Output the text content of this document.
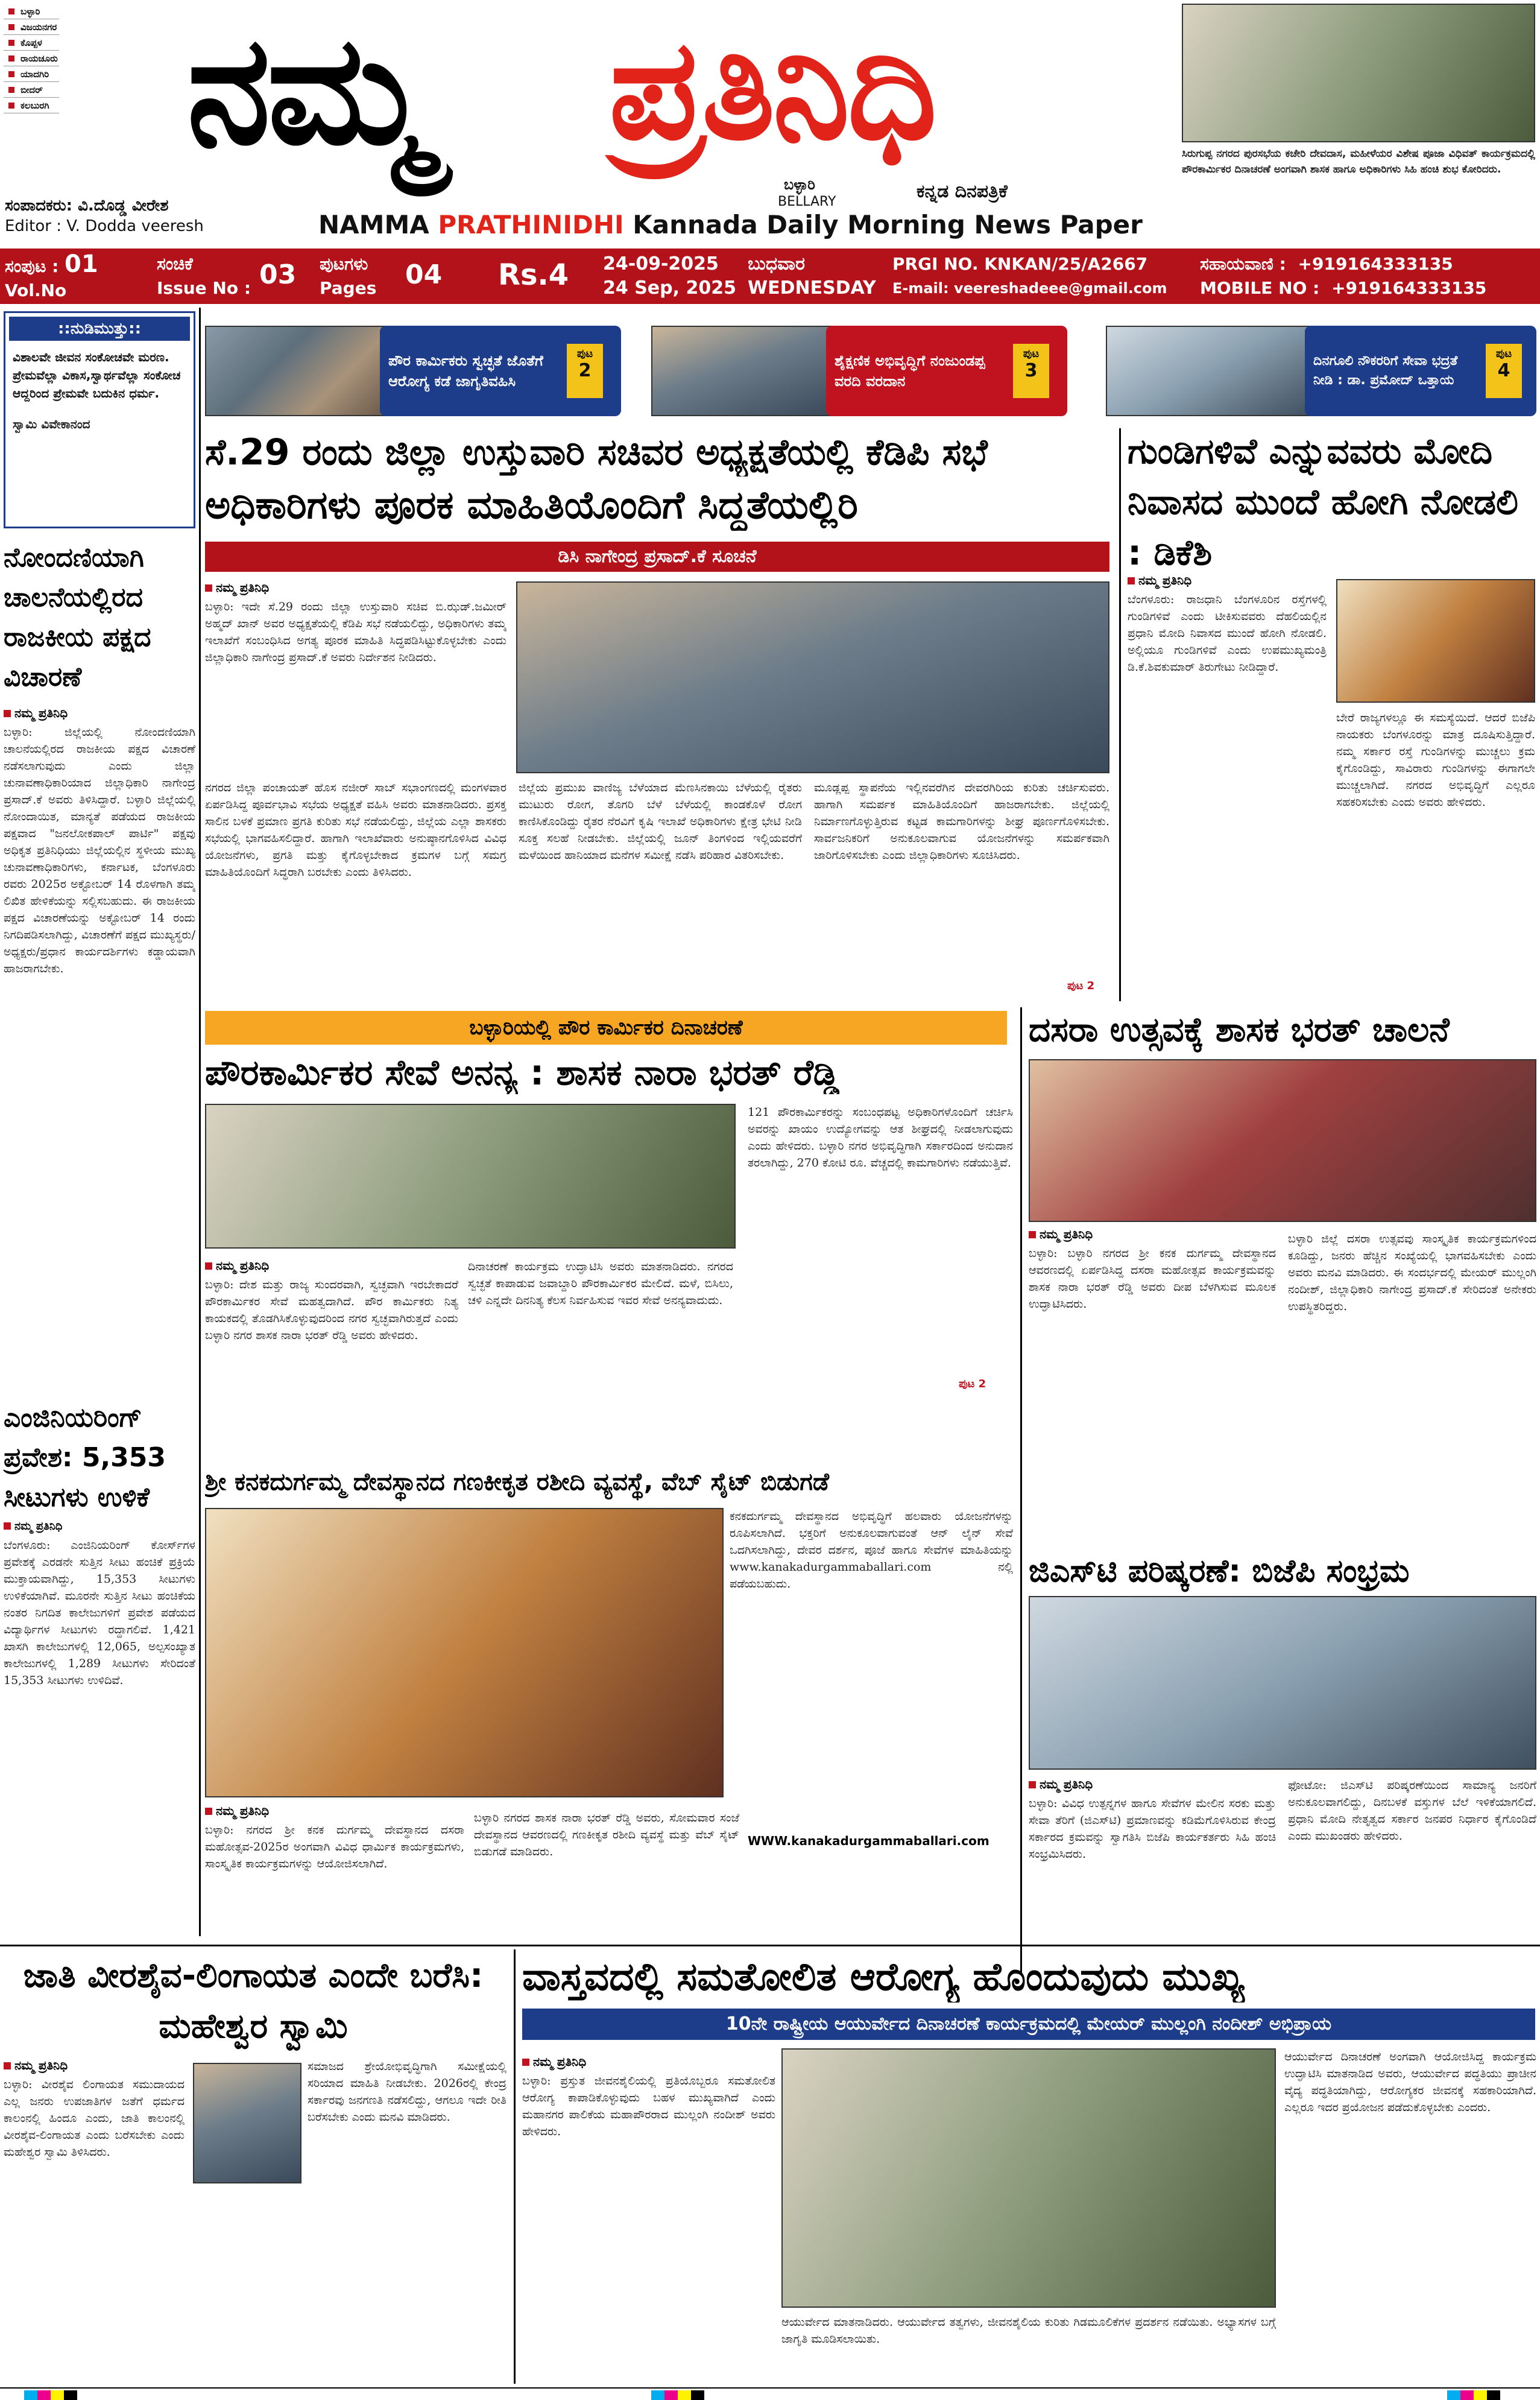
ಬಳ್ಳಾರಿ
ವಿಜಯನಗರ
ಕೊಪ್ಪಳ
ರಾಯಚೂರು
ಯಾದಗಿರಿ
ಬೀದರ್
ಕಲಬುರಗಿ ನಮ್ಮ ಪ್ರತಿನಿಧಿ
ಬಳ್ಳಾರಿ
BELLARY	ಕನ್ನಡ ದಿನಪತ್ರಿಕೆ
ಸಂಪಾದಕರು: ವಿ.ದೊಡ್ಡ ವೀರೇಶ
Editor : V. Dodda veeresh	NAMMA PRATHINIDHI Kannada Daily Morning News Paper
ಸಿರುಗುಪ್ಪ ನಗರದ ಪುರಸಭೆಯ ಕಚೇರಿ ದೇವದಾಸ, ಮಹೀಳೆಯರ ವಿಶೇಷ ಪೂಜಾ ವಿಧಿವತ್ ಕಾರ್ಯಕ್ರಮದಲ್ಲಿ ಪೌರಕಾರ್ಮಿಕರ ದಿನಾಚರಣೆ ಅಂಗವಾಗಿ ಶಾಸಕ ಹಾಗೂ ಅಧಿಕಾರಿಗಳು ಸಿಹಿ ಹಂಚಿ ಶುಭ ಕೋರಿದರು.
ಸಂಪುಟ : 01
Vol.No
ಸಂಚಿಕೆ
Issue No : 03 ಪುಟಗಳು
Pages 04 Rs.4 24-09-2025
24 Sep, 2025
ಬುಧವಾರ
WEDNESDAY
PRGI NO. KNKAN/25/A2667
E-mail: veereshadeee@gmail.com
ಸಹಾಯವಾಣಿ : +919164333135
MOBILE NO : +919164333135
::ನುಡಿಮುತ್ತು::
ವಿಶಾಲವೇ ಜೀವನ ಸಂಕೋಚವೇ ಮರಣ. ಪ್ರೇಮವೆಲ್ಲಾ ವಿಕಾಸ,ಸ್ವಾರ್ಥವೆಲ್ಲಾ ಸಂಕೋಚ ಆದ್ದರಿಂದ ಪ್ರೇಮವೇ ಬದುಕಿನ ಧರ್ಮ.
ಸ್ವಾಮಿ ವಿವೇಕಾನಂದ
ಪೌರ ಕಾರ್ಮಿಕರು ಸ್ವಚ್ಛತೆ ಜೊತೆಗೆ ಆರೋಗ್ಯ ಕಡೆ ಜಾಗೃತಿವಹಿಸಿ
ಪುಟ
2	ಶೈಕ್ಷಣಿಕ ಅಭಿವೃದ್ಧಿಗೆ ನಂಜುಂಡಪ್ಪ ವರದಿ ವರದಾನ
ಪುಟ
3	ದಿನಗೂಲಿ ನೌಕರರಿಗೆ ಸೇವಾ ಭದ್ರತೆ ನೀಡಿ : ಡಾ. ಪ್ರಮೋದ್ ಒತ್ತಾಯ
ಪುಟ
4
ಸೆ.29 ರಂದು ಜಿಲ್ಲಾ ಉಸ್ತುವಾರಿ ಸಚಿವರ ಅಧ್ಯಕ್ಷತೆಯಲ್ಲಿ ಕೆಡಿಪಿ ಸಭೆ
ಅಧಿಕಾರಿಗಳು ಪೂರಕ ಮಾಹಿತಿಯೊಂದಿಗೆ ಸಿದ್ಧತೆಯಲ್ಲಿರಿ
ಡಿಸಿ ನಾಗೇಂದ್ರ ಪ್ರಸಾದ್.ಕೆ ಸೂಚನೆ
ನಮ್ಮ ಪ್ರತಿನಿಧಿ
ಬಳ್ಳಾರಿ: ಇದೇ ಸೆ.29 ರಂದು ಜಿಲ್ಲಾ ಉಸ್ತುವಾರಿ ಸಚಿವ ಬಿ.ಝಡ್.ಜಮೀರ್ ಅಹ್ಮದ್ ಖಾನ್ ಅವರ ಅಧ್ಯಕ್ಷತೆಯಲ್ಲಿ ಕೆಡಿಪಿ ಸಭೆ ನಡೆಯಲಿದ್ದು, ಅಧಿಕಾರಿಗಳು ತಮ್ಮ ಇಲಾಖೆಗೆ ಸಂಬಂಧಿಸಿದ ಅಗತ್ಯ ಪೂರಕ ಮಾಹಿತಿ ಸಿದ್ಧಪಡಿಸಿಟ್ಟುಕೊಳ್ಳಬೇಕು ಎಂದು ಜಿಲ್ಲಾಧಿಕಾರಿ ನಾಗೇಂದ್ರ ಪ್ರಸಾದ್.ಕೆ ಅವರು ನಿರ್ದೇಶನ ನೀಡಿದರು.
ನಗರದ ಜಿಲ್ಲಾ ಪಂಚಾಯತ್ ಹೊಸ ನಜೀರ್ ಸಾಬ್ ಸಭಾಂಗಣದಲ್ಲಿ ಮಂಗಳವಾರ ಏರ್ಪಡಿಸಿದ್ದ ಪೂರ್ವಭಾವಿ ಸಭೆಯ ಅಧ್ಯಕ್ಷತೆ ವಹಿಸಿ ಅವರು ಮಾತನಾಡಿದರು. ಪ್ರಸಕ್ತ ಸಾಲಿನ ಬಳಕೆ ಪ್ರಮಾಣ ಪ್ರಗತಿ ಕುರಿತು ಸಭೆ ನಡೆಯಲಿದ್ದು, ಜಿಲ್ಲೆಯ ಎಲ್ಲಾ ಶಾಸಕರು ಸಭೆಯಲ್ಲಿ ಭಾಗವಹಿಸಲಿದ್ದಾರೆ. ಹಾಗಾಗಿ ಇಲಾಖೆವಾರು ಅನುಷ್ಠಾನಗೊಳಿಸಿದ ವಿವಿಧ ಯೋಜನೆಗಳು, ಪ್ರಗತಿ ಮತ್ತು ಕೈಗೊಳ್ಳಬೇಕಾದ ಕ್ರಮಗಳ ಬಗ್ಗೆ ಸಮಗ್ರ ಮಾಹಿತಿಯೊಂದಿಗೆ ಸಿದ್ಧರಾಗಿ ಬರಬೇಕು ಎಂದು ತಿಳಿಸಿದರು.
ಜಿಲ್ಲೆಯ ಪ್ರಮುಖ ವಾಣಿಜ್ಯ ಬೆಳೆಯಾದ ಮೆಣಸಿನಕಾಯಿ ಬೆಳೆಯಲ್ಲಿ ರೈತರು ಮುಟುರು ರೋಗ, ತೊಗರಿ ಬೆಳೆ ಬೆಳೆಯಲ್ಲಿ ಕಾಂಡಕೊಳೆ ರೋಗ ಕಾಣಿಸಿಕೊಂಡಿದ್ದು ರೈತರ ನೆರವಿಗೆ ಕೃಷಿ ಇಲಾಖೆ ಅಧಿಕಾರಿಗಳು ಕ್ಷೇತ್ರ ಭೇಟಿ ನೀಡಿ ಸೂಕ್ತ ಸಲಹೆ ನೀಡಬೇಕು. ಜಿಲ್ಲೆಯಲ್ಲಿ ಜೂನ್ ತಿಂಗಳಿಂದ ಇಲ್ಲಿಯವರೆಗೆ ಮಳೆಯಿಂದ ಹಾನಿಯಾದ ಮನೆಗಳ ಸಮೀಕ್ಷೆ ನಡೆಸಿ ಪರಿಹಾರ ವಿತರಿಸಬೇಕು.
ಮೂಡ್ಲಪ್ಪ ಸ್ಥಾಪನೆಯ ಇಲ್ಲಿನವರೆಗಿನ ದೇವರಗಿರಿಯ ಕುರಿತು ಚರ್ಚಿಸುವರು. ಹಾಗಾಗಿ ಸಮರ್ಪಕ ಮಾಹಿತಿಯೊಂದಿಗೆ ಹಾಜರಾಗಬೇಕು. ಜಿಲ್ಲೆಯಲ್ಲಿ ನಿರ್ಮಾಣಗೊಳ್ಳುತ್ತಿರುವ ಕಟ್ಟಡ ಕಾಮಗಾರಿಗಳನ್ನು ಶೀಘ್ರ ಪೂರ್ಣಗೊಳಿಸಬೇಕು. ಸಾರ್ವಜನಿಕರಿಗೆ ಅನುಕೂಲವಾಗುವ ಯೋಜನೆಗಳನ್ನು ಸಮರ್ಪಕವಾಗಿ ಜಾರಿಗೊಳಿಸಬೇಕು ಎಂದು ಜಿಲ್ಲಾಧಿಕಾರಿಗಳು ಸೂಚಿಸಿದರು.
ಪುಟ 2
ಗುಂಡಿಗಳಿವೆ ಎನ್ನುವವರು ಮೋದಿ ನಿವಾಸದ ಮುಂದೆ ಹೋಗಿ ನೋಡಲಿ : ಡಿಕೆಶಿ
ನಮ್ಮ ಪ್ರತಿನಿಧಿ
ಬೆಂಗಳೂರು: ರಾಜಧಾನಿ ಬೆಂಗಳೂರಿನ ರಸ್ತೆಗಳಲ್ಲಿ ಗುಂಡಿಗಳಿವೆ ಎಂದು ಟೀಕಿಸುವವರು ದೆಹಲಿಯಲ್ಲಿನ ಪ್ರಧಾನಿ ಮೋದಿ ನಿವಾಸದ ಮುಂದೆ ಹೋಗಿ ನೋಡಲಿ. ಅಲ್ಲಿಯೂ ಗುಂಡಿಗಳಿವೆ ಎಂದು ಉಪಮುಖ್ಯಮಂತ್ರಿ ಡಿ.ಕೆ.ಶಿವಕುಮಾರ್ ತಿರುಗೇಟು ನೀಡಿದ್ದಾರೆ.
ಬೇರೆ ರಾಜ್ಯಗಳಲ್ಲೂ ಈ ಸಮಸ್ಯೆಯಿದೆ. ಆದರೆ ಬಿಜೆಪಿ ನಾಯಕರು ಬೆಂಗಳೂರನ್ನು ಮಾತ್ರ ದೂಷಿಸುತ್ತಿದ್ದಾರೆ. ನಮ್ಮ ಸರ್ಕಾರ ರಸ್ತೆ ಗುಂಡಿಗಳನ್ನು ಮುಚ್ಚಲು ಕ್ರಮ ಕೈಗೊಂಡಿದ್ದು, ಸಾವಿರಾರು ಗುಂಡಿಗಳನ್ನು ಈಗಾಗಲೇ ಮುಚ್ಚಲಾಗಿದೆ. ನಗರದ ಅಭಿವೃದ್ಧಿಗೆ ಎಲ್ಲರೂ ಸಹಕರಿಸಬೇಕು ಎಂದು ಅವರು ಹೇಳಿದರು.
ನೋಂದಣಿಯಾಗಿ ಚಾಲನೆಯಲ್ಲಿರದ ರಾಜಕೀಯ ಪಕ್ಷದ ವಿಚಾರಣೆ
ನಮ್ಮ ಪ್ರತಿನಿಧಿ
ಬಳ್ಳಾರಿ: ಜಿಲ್ಲೆಯಲ್ಲಿ ನೋಂದಣಿಯಾಗಿ ಚಾಲನೆಯಲ್ಲಿರದ ರಾಜಕೀಯ ಪಕ್ಷದ ವಿಚಾರಣೆ ನಡೆಸಲಾಗುವುದು ಎಂದು ಜಿಲ್ಲಾ ಚುನಾವಣಾಧಿಕಾರಿಯಾದ ಜಿಲ್ಲಾಧಿಕಾರಿ ನಾಗೇಂದ್ರ ಪ್ರಸಾದ್.ಕೆ ಅವರು ತಿಳಿಸಿದ್ದಾರೆ. ಬಳ್ಳಾರಿ ಜಿಲ್ಲೆಯಲ್ಲಿ ನೋಂದಾಯಿತ, ಮಾನ್ಯತೆ ಪಡೆಯದ ರಾಜಕೀಯ ಪಕ್ಷವಾದ "ಜನಲೋಕಪಾಲ್ ಪಾರ್ಟಿ" ಪಕ್ಷವು ಅಧಿಕೃತ ಪ್ರತಿನಿಧಿಯು ಜಿಲ್ಲೆಯಲ್ಲಿನ ಸ್ಥಳೀಯ ಮುಖ್ಯ ಚುನಾವಣಾಧಿಕಾರಿಗಳು, ಕರ್ನಾಟಕ, ಬೆಂಗಳೂರು ರವರು 2025ರ ಅಕ್ಟೋಬರ್ 14 ರೊಳಗಾಗಿ ತಮ್ಮ ಲಿಖಿತ ಹೇಳಿಕೆಯನ್ನು ಸಲ್ಲಿಸಬಹುದು. ಈ ರಾಜಕೀಯ ಪಕ್ಷದ ವಿಚಾರಣೆಯನ್ನು ಅಕ್ಟೋಬರ್ 14 ರಂದು ನಿಗದಿಪಡಿಸಲಾಗಿದ್ದು, ವಿಚಾರಣೆಗೆ ಪಕ್ಷದ ಮುಖ್ಯಸ್ಥರು/ಅಧ್ಯಕ್ಷರು/ಪ್ರಧಾನ ಕಾರ್ಯದರ್ಶಿಗಳು ಕಡ್ಡಾಯವಾಗಿ ಹಾಜರಾಗಬೇಕು.
ಎಂಜಿನಿಯರಿಂಗ್ ಪ್ರವೇಶ: 5,353 ಸೀಟುಗಳು ಉಳಿಕೆ
ನಮ್ಮ ಪ್ರತಿನಿಧಿ
ಬೆಂಗಳೂರು: ಎಂಜಿನಿಯರಿಂಗ್ ಕೋರ್ಸ್‌ಗಳ ಪ್ರವೇಶಕ್ಕೆ ಎರಡನೇ ಸುತ್ತಿನ ಸೀಟು ಹಂಚಿಕೆ ಪ್ರಕ್ರಿಯೆ ಮುಕ್ತಾಯವಾಗಿದ್ದು, 15,353 ಸೀಟುಗಳು ಉಳಿಕೆಯಾಗಿವೆ. ಮೂರನೇ ಸುತ್ತಿನ ಸೀಟು ಹಂಚಿಕೆಯ ನಂತರ ನಿಗದಿತ ಕಾಲೇಜುಗಳಿಗೆ ಪ್ರವೇಶ ಪಡೆಯದ ವಿದ್ಯಾರ್ಥಿಗಳ ಸೀಟುಗಳು ರದ್ದಾಗಲಿವೆ. 1,421 ಖಾಸಗಿ ಕಾಲೇಜುಗಳಲ್ಲಿ 12,065, ಅಲ್ಪಸಂಖ್ಯಾತ ಕಾಲೇಜುಗಳಲ್ಲಿ 1,289 ಸೀಟುಗಳು ಸೇರಿದಂತೆ 15,353 ಸೀಟುಗಳು ಉಳಿದಿವೆ.
ಬಳ್ಳಾರಿಯಲ್ಲಿ ಪೌರ ಕಾರ್ಮಿಕರ ದಿನಾಚರಣೆ
ಪೌರಕಾರ್ಮಿಕರ ಸೇವೆ ಅನನ್ಯ : ಶಾಸಕ ನಾರಾ ಭರತ್ ರೆಡ್ಡಿ
121 ಪೌರಕಾರ್ಮಿಕರನ್ನು ಸಂಬಂಧಪಟ್ಟ ಅಧಿಕಾರಿಗಳೊಂದಿಗೆ ಚರ್ಚಿಸಿ ಅವರನ್ನು ಖಾಯಂ ಉದ್ಯೋಗವನ್ನು ಆತ ಶೀಘ್ರದಲ್ಲಿ ನೀಡಲಾಗುವುದು ಎಂದು ಹೇಳಿದರು. ಬಳ್ಳಾರಿ ನಗರ ಅಭಿವೃದ್ಧಿಗಾಗಿ ಸರ್ಕಾರದಿಂದ ಅನುದಾನ ತರಲಾಗಿದ್ದು, 270 ಕೋಟಿ ರೂ. ವೆಚ್ಚದಲ್ಲಿ ಕಾಮಗಾರಿಗಳು ನಡೆಯುತ್ತಿವೆ.
ನಮ್ಮ ಪ್ರತಿನಿಧಿ
ಬಳ್ಳಾರಿ: ದೇಶ ಮತ್ತು ರಾಜ್ಯ ಸುಂದರವಾಗಿ, ಸ್ವಚ್ಛವಾಗಿ ಇರಬೇಕಾದರೆ ಪೌರಕಾರ್ಮಿಕರ ಸೇವೆ ಮಹತ್ವದಾಗಿದೆ. ಪೌರ ಕಾರ್ಮಿಕರು ನಿತ್ಯ ಕಾಯಕದಲ್ಲಿ ತೊಡಗಿಸಿಕೊಳ್ಳುವುದರಿಂದ ನಗರ ಸ್ವಚ್ಛವಾಗಿರುತ್ತದೆ ಎಂದು ಬಳ್ಳಾರಿ ನಗರ ಶಾಸಕ ನಾರಾ ಭರತ್ ರೆಡ್ಡಿ ಅವರು ಹೇಳಿದರು.
ದಿನಾಚರಣೆ ಕಾರ್ಯಕ್ರಮ ಉದ್ಘಾಟಿಸಿ ಅವರು ಮಾತನಾಡಿದರು. ನಗರದ ಸ್ವಚ್ಛತೆ ಕಾಪಾಡುವ ಜವಾಬ್ದಾರಿ ಪೌರಕಾರ್ಮಿಕರ ಮೇಲಿದೆ. ಮಳೆ, ಬಿಸಿಲು, ಚಳಿ ಎನ್ನದೇ ದಿನನಿತ್ಯ ಕೆಲಸ ನಿರ್ವಹಿಸುವ ಇವರ ಸೇವೆ ಅನನ್ಯವಾದುದು.
ಪುಟ 2
ದಸರಾ ಉತ್ಸವಕ್ಕೆ ಶಾಸಕ ಭರತ್ ಚಾಲನೆ
ನಮ್ಮ ಪ್ರತಿನಿಧಿ
ಬಳ್ಳಾರಿ: ಬಳ್ಳಾರಿ ನಗರದ ಶ್ರೀ ಕನಕ ದುರ್ಗಮ್ಮ ದೇವಸ್ಥಾನದ ಆವರಣದಲ್ಲಿ ಏರ್ಪಡಿಸಿದ್ದ ದಸರಾ ಮಹೋತ್ಸವ ಕಾರ್ಯಕ್ರಮವನ್ನು ಶಾಸಕ ನಾರಾ ಭರತ್ ರೆಡ್ಡಿ ಅವರು ದೀಪ ಬೆಳಗಿಸುವ ಮೂಲಕ ಉದ್ಘಾಟಿಸಿದರು.
ಬಳ್ಳಾರಿ ಜಿಲ್ಲೆ ದಸರಾ ಉತ್ಸವವು ಸಾಂಸ್ಕೃತಿಕ ಕಾರ್ಯಕ್ರಮಗಳಿಂದ ಕೂಡಿದ್ದು, ಜನರು ಹೆಚ್ಚಿನ ಸಂಖ್ಯೆಯಲ್ಲಿ ಭಾಗವಹಿಸಬೇಕು ಎಂದು ಅವರು ಮನವಿ ಮಾಡಿದರು. ಈ ಸಂದರ್ಭದಲ್ಲಿ ಮೇಯರ್ ಮುಲ್ಲಂಗಿ ನಂದೀಶ್, ಜಿಲ್ಲಾಧಿಕಾರಿ ನಾಗೇಂದ್ರ ಪ್ರಸಾದ್.ಕೆ ಸೇರಿದಂತೆ ಅನೇಕರು ಉಪಸ್ಥಿತರಿದ್ದರು.
ಶ್ರೀ ಕನಕದುರ್ಗಮ್ಮ ದೇವಸ್ಥಾನದ ಗಣಕೀಕೃತ ರಶೀದಿ ವ್ಯವಸ್ಥೆ, ವೆಬ್ ಸೈಟ್ ಬಿಡುಗಡೆ
ಕನಕದುರ್ಗಮ್ಮ ದೇವಸ್ಥಾನದ ಅಭಿವೃದ್ಧಿಗೆ ಹಲವಾರು ಯೋಜನೆಗಳನ್ನು ರೂಪಿಸಲಾಗಿದೆ. ಭಕ್ತರಿಗೆ ಅನುಕೂಲವಾಗುವಂತೆ ಆನ್ ಲೈನ್ ಸೇವೆ ಒದಗಿಸಲಾಗಿದ್ದು, ದೇವರ ದರ್ಶನ, ಪೂಜೆ ಹಾಗೂ ಸೇವೆಗಳ ಮಾಹಿತಿಯನ್ನು www.kanakadurgammaballari.com ನಲ್ಲಿ ಪಡೆಯಬಹುದು.
ನಮ್ಮ ಪ್ರತಿನಿಧಿ
ಬಳ್ಳಾರಿ: ನಗರದ ಶ್ರೀ ಕನಕ ದುರ್ಗಮ್ಮ ದೇವಸ್ಥಾನದ ದಸರಾ ಮಹೋತ್ಸವ-2025ರ ಅಂಗವಾಗಿ ವಿವಿಧ ಧಾರ್ಮಿಕ ಕಾರ್ಯಕ್ರಮಗಳು, ಸಾಂಸ್ಕೃತಿಕ ಕಾರ್ಯಕ್ರಮಗಳನ್ನು ಆಯೋಜಿಸಲಾಗಿದೆ.
ಬಳ್ಳಾರಿ ನಗರದ ಶಾಸಕ ನಾರಾ ಭರತ್ ರೆಡ್ಡಿ ಅವರು, ಸೋಮವಾರ ಸಂಜೆ ದೇವಸ್ಥಾನದ ಆವರಣದಲ್ಲಿ ಗಣಕೀಕೃತ ರಶೀದಿ ವ್ಯವಸ್ಥೆ ಮತ್ತು ವೆಬ್ ಸೈಟ್ ಬಿಡುಗಡೆ ಮಾಡಿದರು.
WWW.kanakadurgammaballari.com
ಜಿಎಸ್‌ಟಿ ಪರಿಷ್ಕರಣೆ: ಬಿಜೆಪಿ ಸಂಭ್ರಮ
ನಮ್ಮ ಪ್ರತಿನಿಧಿ
ಬಳ್ಳಾರಿ: ವಿವಿಧ ಉತ್ಪನ್ನಗಳ ಹಾಗೂ ಸೇವೆಗಳ ಮೇಲಿನ ಸರಕು ಮತ್ತು ಸೇವಾ ತೆರಿಗೆ (ಜಿಎಸ್‌ಟಿ) ಪ್ರಮಾಣವನ್ನು ಕಡಿಮೆಗೊಳಿಸಿರುವ ಕೇಂದ್ರ ಸರ್ಕಾರದ ಕ್ರಮವನ್ನು ಸ್ವಾಗತಿಸಿ ಬಿಜೆಪಿ ಕಾರ್ಯಕರ್ತರು ಸಿಹಿ ಹಂಚಿ ಸಂಭ್ರಮಿಸಿದರು.
ಫೋಟೋ: ಜಿಎಸ್‌ಟಿ ಪರಿಷ್ಕರಣೆಯಿಂದ ಸಾಮಾನ್ಯ ಜನರಿಗೆ ಅನುಕೂಲವಾಗಲಿದ್ದು, ದಿನಬಳಕೆ ವಸ್ತುಗಳ ಬೆಲೆ ಇಳಿಕೆಯಾಗಲಿದೆ. ಪ್ರಧಾನಿ ಮೋದಿ ನೇತೃತ್ವದ ಸರ್ಕಾರ ಜನಪರ ನಿರ್ಧಾರ ಕೈಗೊಂಡಿದೆ ಎಂದು ಮುಖಂಡರು ಹೇಳಿದರು.
ಜಾತಿ ವೀರಶೈವ-ಲಿಂಗಾಯತ ಎಂದೇ ಬರೆಸಿ: ಮಹೇಶ್ವರ ಸ್ವಾಮಿ
ನಮ್ಮ ಪ್ರತಿನಿಧಿ
ಬಳ್ಳಾರಿ: ವೀರಶೈವ ಲಿಂಗಾಯತ ಸಮುದಾಯದ ಎಲ್ಲ ಜನರು ಉಪಜಾತಿಗಳ ಜತೆಗೆ ಧರ್ಮದ ಕಾಲಂನಲ್ಲಿ ಹಿಂದೂ ಎಂದು, ಜಾತಿ ಕಾಲಂನಲ್ಲಿ ವೀರಶೈವ-ಲಿಂಗಾಯತ ಎಂದು ಬರೆಸಬೇಕು ಎಂದು ಮಹೇಶ್ವರ ಸ್ವಾಮಿ ತಿಳಿಸಿದರು.
ಸಮಾಜದ ಶ್ರೇಯೋಭಿವೃದ್ಧಿಗಾಗಿ ಸಮೀಕ್ಷೆಯಲ್ಲಿ ಸರಿಯಾದ ಮಾಹಿತಿ ನೀಡಬೇಕು. 2026ರಲ್ಲಿ ಕೇಂದ್ರ ಸರ್ಕಾರವು ಜನಗಣತಿ ನಡೆಸಲಿದ್ದು, ಆಗಲೂ ಇದೇ ರೀತಿ ಬರೆಸಬೇಕು ಎಂದು ಮನವಿ ಮಾಡಿದರು.
ವಾಸ್ತವದಲ್ಲಿ ಸಮತೋಲಿತ ಆರೋಗ್ಯ ಹೊಂದುವುದು ಮುಖ್ಯ
10ನೇ ರಾಷ್ಟ್ರೀಯ ಆಯುರ್ವೇದ ದಿನಾಚರಣೆ ಕಾರ್ಯಕ್ರಮದಲ್ಲಿ ಮೇಯರ್ ಮುಲ್ಲಂಗಿ ನಂದೀಶ್ ಅಭಿಪ್ರಾಯ
ನಮ್ಮ ಪ್ರತಿನಿಧಿ
ಬಳ್ಳಾರಿ: ಪ್ರಸ್ತುತ ಜೀವನಶೈಲಿಯಲ್ಲಿ ಪ್ರತಿಯೊಬ್ಬರೂ ಸಮತೋಲಿತ ಆರೋಗ್ಯ ಕಾಪಾಡಿಕೊಳ್ಳುವುದು ಬಹಳ ಮುಖ್ಯವಾಗಿದೆ ಎಂದು ಮಹಾನಗರ ಪಾಲಿಕೆಯ ಮಹಾಪೌರರಾದ ಮುಲ್ಲಂಗಿ ನಂದೀಶ್ ಅವರು ಹೇಳಿದರು.
ಆಯುರ್ವೇದ ಮಾತನಾಡಿದರು. ಆಯುರ್ವೇದ ತತ್ವಗಳು, ಜೀವನಶೈಲಿಯ ಕುರಿತು ಗಿಡಮೂಲಿಕೆಗಳ ಪ್ರದರ್ಶನ ನಡೆಯಿತು. ಅಭ್ಯಾಸಗಳ ಬಗ್ಗೆ ಜಾಗೃತಿ ಮೂಡಿಸಲಾಯಿತು.
ಆಯುರ್ವೇದ ದಿನಾಚರಣೆ ಅಂಗವಾಗಿ ಆಯೋಜಿಸಿದ್ದ ಕಾರ್ಯಕ್ರಮ ಉದ್ಘಾಟಿಸಿ ಮಾತನಾಡಿದ ಅವರು, ಆಯುರ್ವೇದ ಪದ್ಧತಿಯು ಪ್ರಾಚೀನ ವೈದ್ಯ ಪದ್ಧತಿಯಾಗಿದ್ದು, ಆರೋಗ್ಯಕರ ಜೀವನಕ್ಕೆ ಸಹಕಾರಿಯಾಗಿದೆ. ಎಲ್ಲರೂ ಇದರ ಪ್ರಯೋಜನ ಪಡೆದುಕೊಳ್ಳಬೇಕು ಎಂದರು.
